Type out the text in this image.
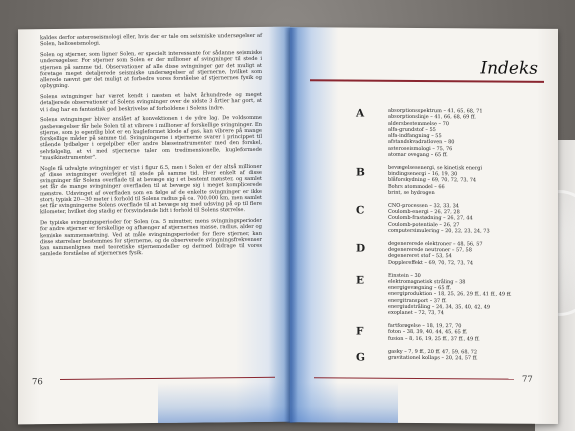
kaldes derfor asteroseismologi eller, hvis der er tale om seismiske undersøgelser af Solen, helioseismologi.

Solen og stjerner, som ligner Solen, er specielt interessante for sådanne seismiske undersøgelser. For stjerner som Solen er der millioner af svingninger til stede i stjernen på samme tid. Observationer af alle disse svingninger gør det muligt at foretage meget detaljerede seismiske undersøgelser af stjernerne, hvilket som allerede nævnt gør det muligt at forbedre vores forståelse af stjernernes fysik og opbygning.

Solens svingninger har været kendt i næsten et halvt århundrede og meget detaljerede observationer af Solens svingninger over de sidste 3 årtier har gort, at vi i dag har en fantastisk god beskrivelse af forholdene i Solens indre.

Solens svingninger bliver anslået af konvektionen i de ydre lag. De voldsomme gasbevægelser får hele Solen til at vibrere i millioner af forskellige svingninger. En stjerne, som jo egentlig blot er en kugleformet klode af gas, kan vibrere på mange forskellige måder på samme tid. Svingningerne i stjernerne svarer i princippet til stående lydbølger i orgelpiber eller andre blæseinstrumenter med den forskel, selvfølgelig, at vi med stjernerne taler om tredimensionelle, kugleformede "musikinstrumenter".

Nogle få udvalgte svingninger er vist i figur 6.5, men i Solen er der altså millioner af disse svingninger overlejret til stede på samme tid. Hver enkelt af disse svingninger får Solens overflade til at bevæge sig i et bestemt mønster, og samlet set får de mange svingninger overfladen til at bevæge sig i meget komplicerede mønstre. Udsvinget af overfladen som en følge af de enkelte svingninger er ikke stort; typisk 20—30 meter i forhold til Solens radius på ca. 700.000 km, men samlet set får svingningerne Solens overflade til at bevæge sig med udsving på op til flere kilometer, hvilket dog stadig er forsvindende lidt i forhold til Solens størrelse.

De typiske svingningsperioder for Solen (ca. 5 minutter, mens svingningsperioder for andre stjerner er forskellige og afhænger af stjernernes masse, radius, alder og kemiske sammensætning. Ved at måle svingningsperioder for flere stjerner, kan disse størrelser bestemmes for stjernerne, og de observerede svingningsfrekvenser kan sammenlignes med teoretiske stjernemodeller og dermed bidrage til vores samlede forståelse af stjernernes fysik.

76
Indeks
A
B
C
D
E
F
G
absorptionsspektrum – 41, 65, 68, 71
absorptionslinje – 41, 66, 68, 69 ff.
aldersbestemmelse – 70
alfa-grundstof – 55
alfa-indfangning – 55
afstandskvadratloven – 80
asteroseismologi – 75, 76
atomar ovegang – 65 ff.
bevægelsesenergi, se kinetisk energi
bindingsenergi – 16, 19, 30
blåforskydning – 69, 70, 72, 73, 74
Bohrs atommodel – 66
brint, se hydrogen
CNO-processen – 32, 33, 34
Coulomb-energi – 26, 27, 28
Coulomb-frastødning – 26, 27, 44
Coulomb-potentiale – 26, 27
computersimulering – 20, 22, 23, 24, 73
degenererede elektroner – 48, 56, 57
degenererede neutroner – 57, 58
degenereret stof – 53, 54
Dopplereffekt – 69, 70, 72, 73, 74
Einstein – 30
elektromagnetisk stråling – 38
energigevægning – 65 ff.
energiproduktion – 18, 25, 26, 29 ff., 41 ff., 49 ff.
energitransport – 37 ff.
energiudstråling – 24, 34, 35, 40, 42, 49
exoplanet – 72, 73, 74
fartforøgelse – 18, 19, 27, 70
foton – 38, 39, 40, 44, 45, 65 ff.
fusion – 8, 16, 19, 25 ff., 37 ff., 49 ff.
gasky – 7, 9 ff., 20 ff. 47, 59, 68, 72
gravitationel kollaps – 20, 24, 57 ff.
77
